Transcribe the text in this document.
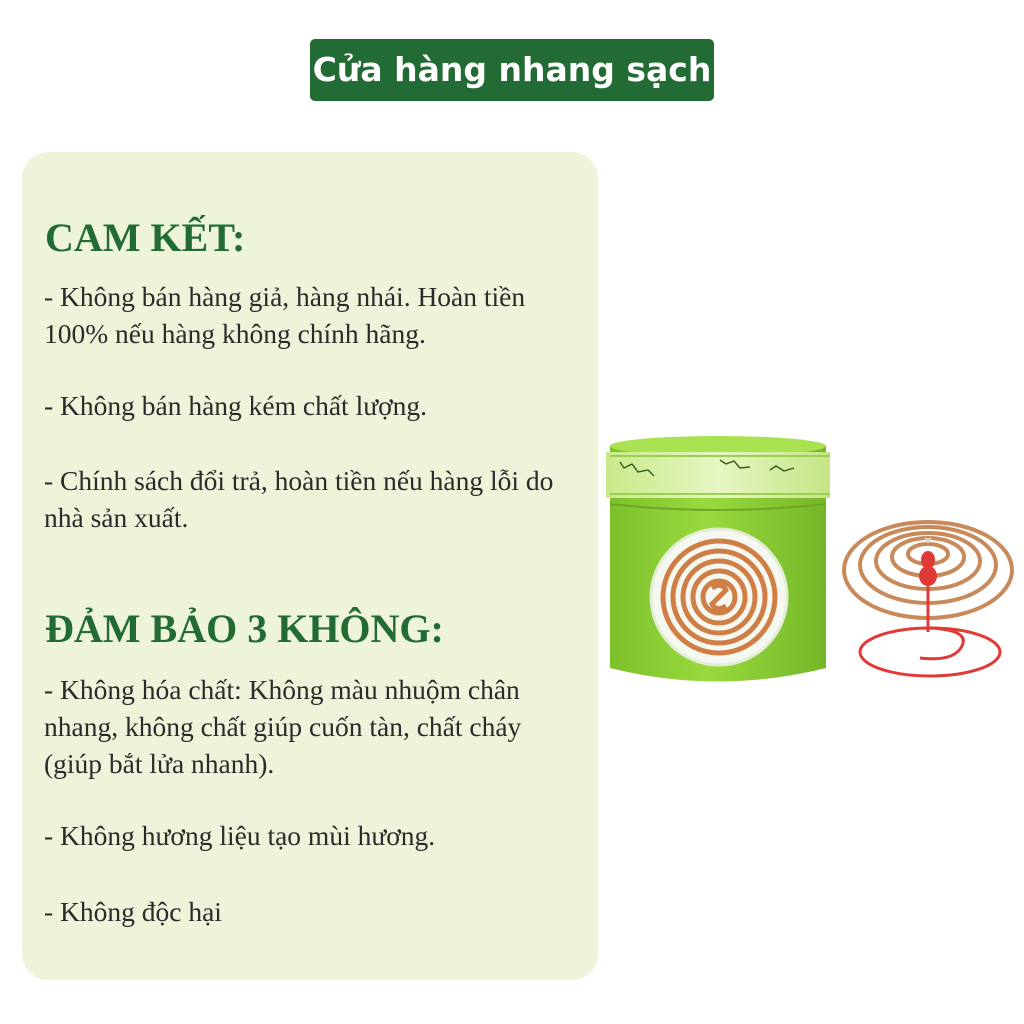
Cửa hàng nhang sạch
CAM KẾT:

- Không bán hàng giả, hàng nhái. Hoàn tiền 100% nếu hàng không chính hãng.

- Không bán hàng kém chất lượng.

- Chính sách đổi trả, hoàn tiền nếu hàng lỗi do nhà sản xuất.

ĐẢM BẢO 3 KHÔNG:

- Không hóa chất: Không màu nhuộm chân nhang, không chất giúp cuốn tàn, chất cháy (giúp bắt lửa nhanh).

- Không hương liệu tạo mùi hương.

- Không độc hại
